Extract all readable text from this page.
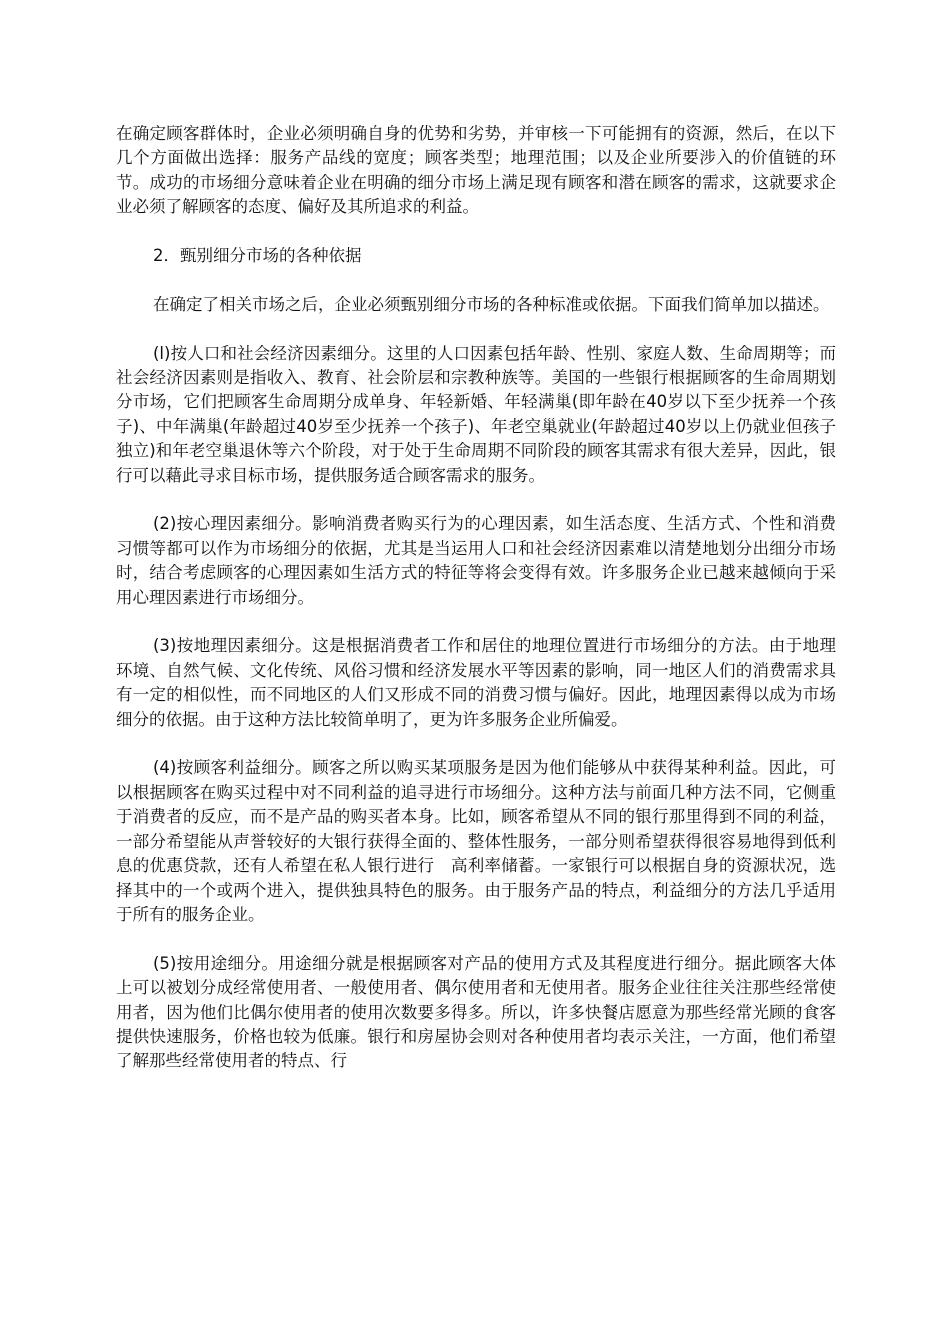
在确定顾客群体时，企业必须明确自身的优势和劣势，并审核一下可能拥有的资源，然后，在以下几个方面做出选择：服务产品线的宽度；顾客类型；地理范围；以及企业所要涉入的价值链的环节。成功的市场细分意味着企业在明确的细分市场上满足现有顾客和潜在顾客的需求，这就要求企业必须了解顾客的态度、偏好及其所追求的利益。

2．甄别细分市场的各种依据

在确定了相关市场之后，企业必须甄别细分市场的各种标准或依据。下面我们简单加以描述。

(l)按人口和社会经济因素细分。这里的人口因素包括年龄、性别、家庭人数、生命周期等；而社会经济因素则是指收入、教育、社会阶层和宗教种族等。美国的一些银行根据顾客的生命周期划分市场，它们把顾客生命周期分成单身、年轻新婚、年轻满巢(即年龄在40岁以下至少抚养一个孩子)、中年满巢(年龄超过40岁至少抚养一个孩子)、年老空巢就业(年龄超过40岁以上仍就业但孩子独立)和年老空巢退休等六个阶段，对于处于生命周期不同阶段的顾客其需求有很大差异，因此，银行可以藉此寻求目标市场，提供服务适合顾客需求的服务。

(2)按心理因素细分。影响消费者购买行为的心理因素，如生活态度、生活方式、个性和消费习惯等都可以作为市场细分的依据，尤其是当运用人口和社会经济因素难以清楚地划分出细分市场时，结合考虑顾客的心理因素如生活方式的特征等将会变得有效。许多服务企业已越来越倾向于采用心理因素进行市场细分。

(3)按地理因素细分。这是根据消费者工作和居住的地理位置进行市场细分的方法。由于地理环境、自然气候、文化传统、风俗习惯和经济发展水平等因素的影响，同一地区人们的消费需求具有一定的相似性，而不同地区的人们又形成不同的消费习惯与偏好。因此，地理因素得以成为市场细分的依据。由于这种方法比较简单明了，更为许多服务企业所偏爱。

(4)按顾客利益细分。顾客之所以购买某项服务是因为他们能够从中获得某种利益。因此，可以根据顾客在购买过程中对不同利益的追寻进行市场细分。这种方法与前面几种方法不同，它侧重于消费者的反应，而不是产品的购买者本身。比如，顾客希望从不同的银行那里得到不同的利益，一部分希望能从声誉较好的大银行获得全面的、整体性服务，一部分则希望获得很容易地得到低利息的优惠贷款，还有人希望在私人银行进行　高利率储蓄。一家银行可以根据自身的资源状况，选择其中的一个或两个进入，提供独具特色的服务。由于服务产品的特点，利益细分的方法几乎适用于所有的服务企业。

(5)按用途细分。用途细分就是根据顾客对产品的使用方式及其程度进行细分。据此顾客大体上可以被划分成经常使用者、一般使用者、偶尔使用者和无使用者。服务企业往往关注那些经常使用者，因为他们比偶尔使用者的使用次数要多得多。所以，许多快餐店愿意为那些经常光顾的食客提供快速服务，价格也较为低廉。银行和房屋协会则对各种使用者均表示关注，一方面，他们希望了解那些经常使用者的特点、行
